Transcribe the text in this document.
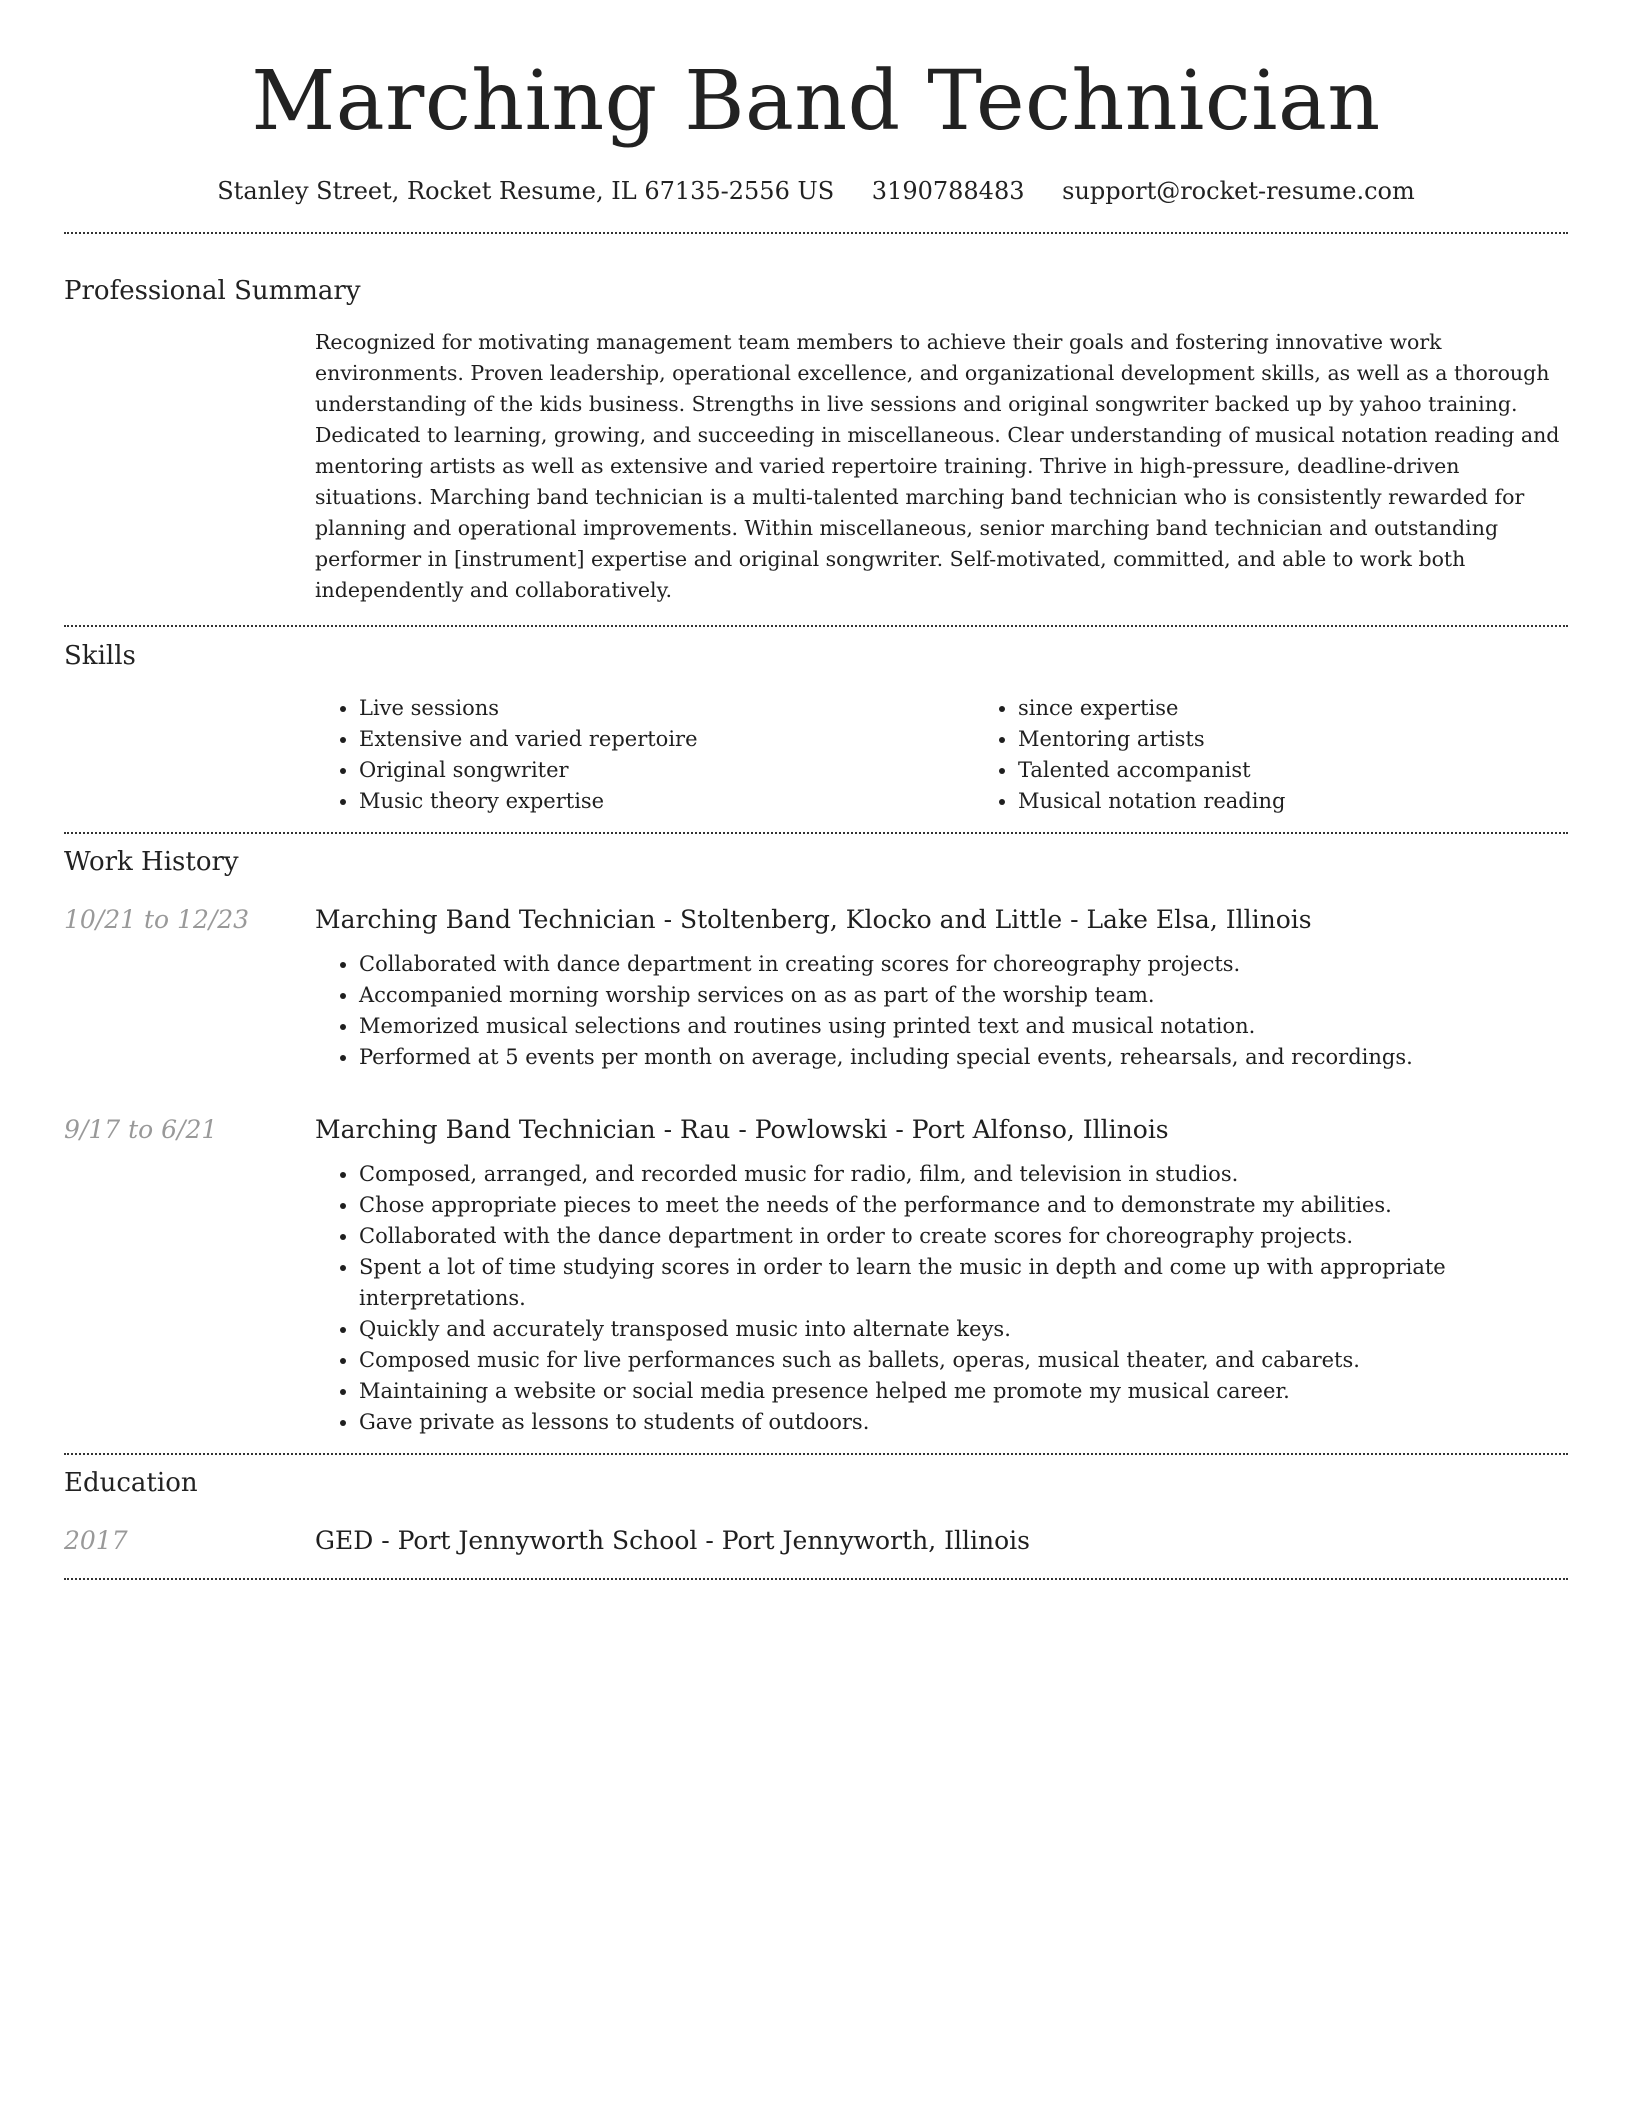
Marching Band Technician
Stanley Street, Rocket Resume, IL 67135-2556 US 3190788483 support@rocket-resume.com
Professional Summary

Recognized for motivating management team members to achieve their goals and fostering innovative work environments. Proven leadership, operational excellence, and organizational development skills, as well as a thorough understanding of the kids business. Strengths in live sessions and original songwriter backed up by yahoo training. Dedicated to learning, growing, and succeeding in miscellaneous. Clear understanding of musical notation reading and mentoring artists as well as extensive and varied repertoire training. Thrive in high-pressure, deadline-driven situations. Marching band technician is a multi-talented marching band technician who is consistently rewarded for planning and operational improvements. Within miscellaneous, senior marching band technician and outstanding performer in [instrument] expertise and original songwriter. Self-motivated, committed, and able to work both independently and collaboratively.

Skills
• Live sessions
• Extensive and varied repertoire
• Original songwriter
• Music theory expertise
• since expertise
• Mentoring artists
• Talented accompanist
• Musical notation reading
Work History
10/21 to 12/23	Marching Band Technician - Stoltenberg, Klocko and Little - Lake Elsa, Illinois
• Collaborated with dance department in creating scores for choreography projects.
• Accompanied morning worship services on as as part of the worship team.
• Memorized musical selections and routines using printed text and musical notation.
• Performed at 5 events per month on average, including special events, rehearsals, and recordings.
9/17 to 6/21	Marching Band Technician - Rau - Powlowski - Port Alfonso, Illinois
• Composed, arranged, and recorded music for radio, film, and television in studios.
• Chose appropriate pieces to meet the needs of the performance and to demonstrate my abilities.
• Collaborated with the dance department in order to create scores for choreography projects.
• Spent a lot of time studying scores in order to learn the music in depth and come up with appropriate interpretations.
• Quickly and accurately transposed music into alternate keys.
• Composed music for live performances such as ballets, operas, musical theater, and cabarets.
• Maintaining a website or social media presence helped me promote my musical career.
• Gave private as lessons to students of outdoors.
Education
2017	GED - Port Jennyworth School - Port Jennyworth, Illinois
